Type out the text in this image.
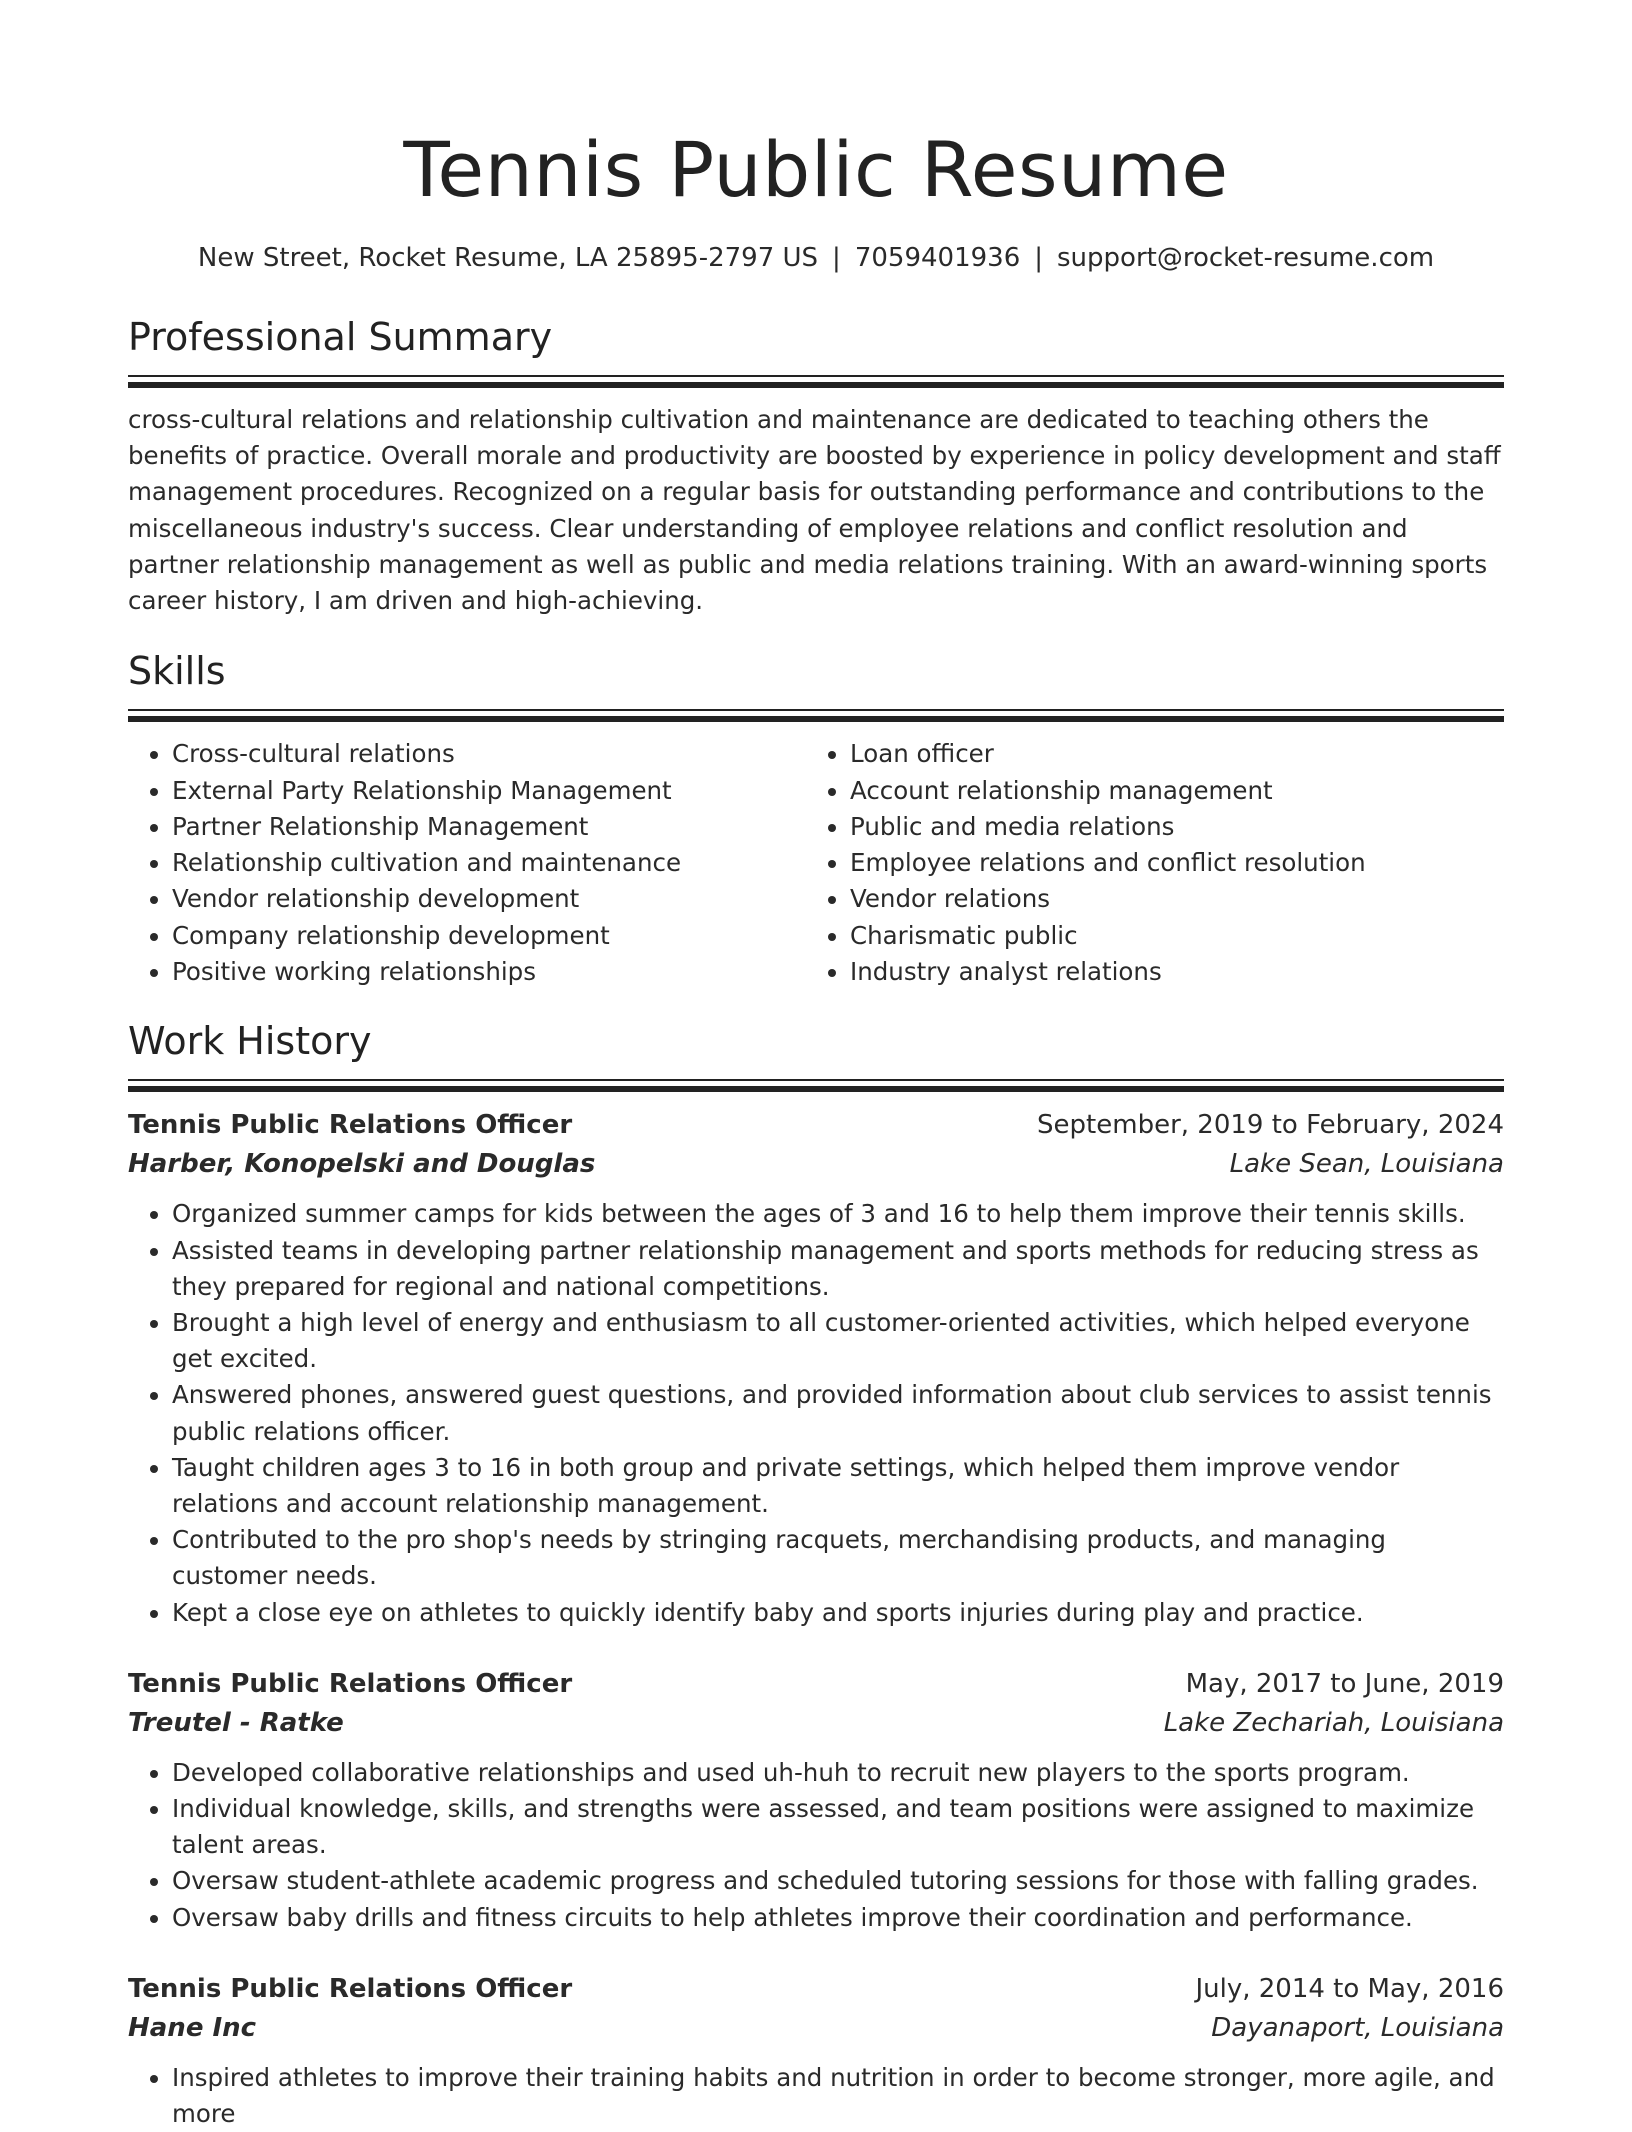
Tennis Public Resume
New Street, Rocket Resume, LA 25895-2797 US | 7059401936 | support@rocket-resume.com
Professional Summary
cross-cultural relations and relationship cultivation and maintenance are dedicated to teaching others the benefits of practice. Overall morale and productivity are boosted by experience in policy development and staff management procedures. Recognized on a regular basis for outstanding performance and contributions to the miscellaneous industry's success. Clear understanding of employee relations and conflict resolution and partner relationship management as well as public and media relations training. With an award-winning sports career history, I am driven and high-achieving.
Skills
• Cross-cultural relations
• External Party Relationship Management
• Partner Relationship Management
• Relationship cultivation and maintenance
• Vendor relationship development
• Company relationship development
• Positive working relationships
• Loan officer
• Account relationship management
• Public and media relations
• Employee relations and conflict resolution
• Vendor relations
• Charismatic public
• Industry analyst relations
Work History
Tennis Public Relations Officer	September, 2019 to February, 2024
Harber, Konopelski and Douglas	Lake Sean, Louisiana
• Organized summer camps for kids between the ages of 3 and 16 to help them improve their tennis skills.
• Assisted teams in developing partner relationship management and sports methods for reducing stress as they prepared for regional and national competitions.
• Brought a high level of energy and enthusiasm to all customer-oriented activities, which helped everyone get excited.
• Answered phones, answered guest questions, and provided information about club services to assist tennis public relations officer.
• Taught children ages 3 to 16 in both group and private settings, which helped them improve vendor relations and account relationship management.
• Contributed to the pro shop's needs by stringing racquets, merchandising products, and managing customer needs.
• Kept a close eye on athletes to quickly identify baby and sports injuries during play and practice.
Tennis Public Relations Officer	May, 2017 to June, 2019
Treutel - Ratke	Lake Zechariah, Louisiana
• Developed collaborative relationships and used uh-huh to recruit new players to the sports program.
• Individual knowledge, skills, and strengths were assessed, and team positions were assigned to maximize talent areas.
• Oversaw student-athlete academic progress and scheduled tutoring sessions for those with falling grades.
• Oversaw baby drills and fitness circuits to help athletes improve their coordination and performance.
Tennis Public Relations Officer	July, 2014 to May, 2016
Hane Inc	Dayanaport, Louisiana
• Inspired athletes to improve their training habits and nutrition in order to become stronger, more agile, and more
